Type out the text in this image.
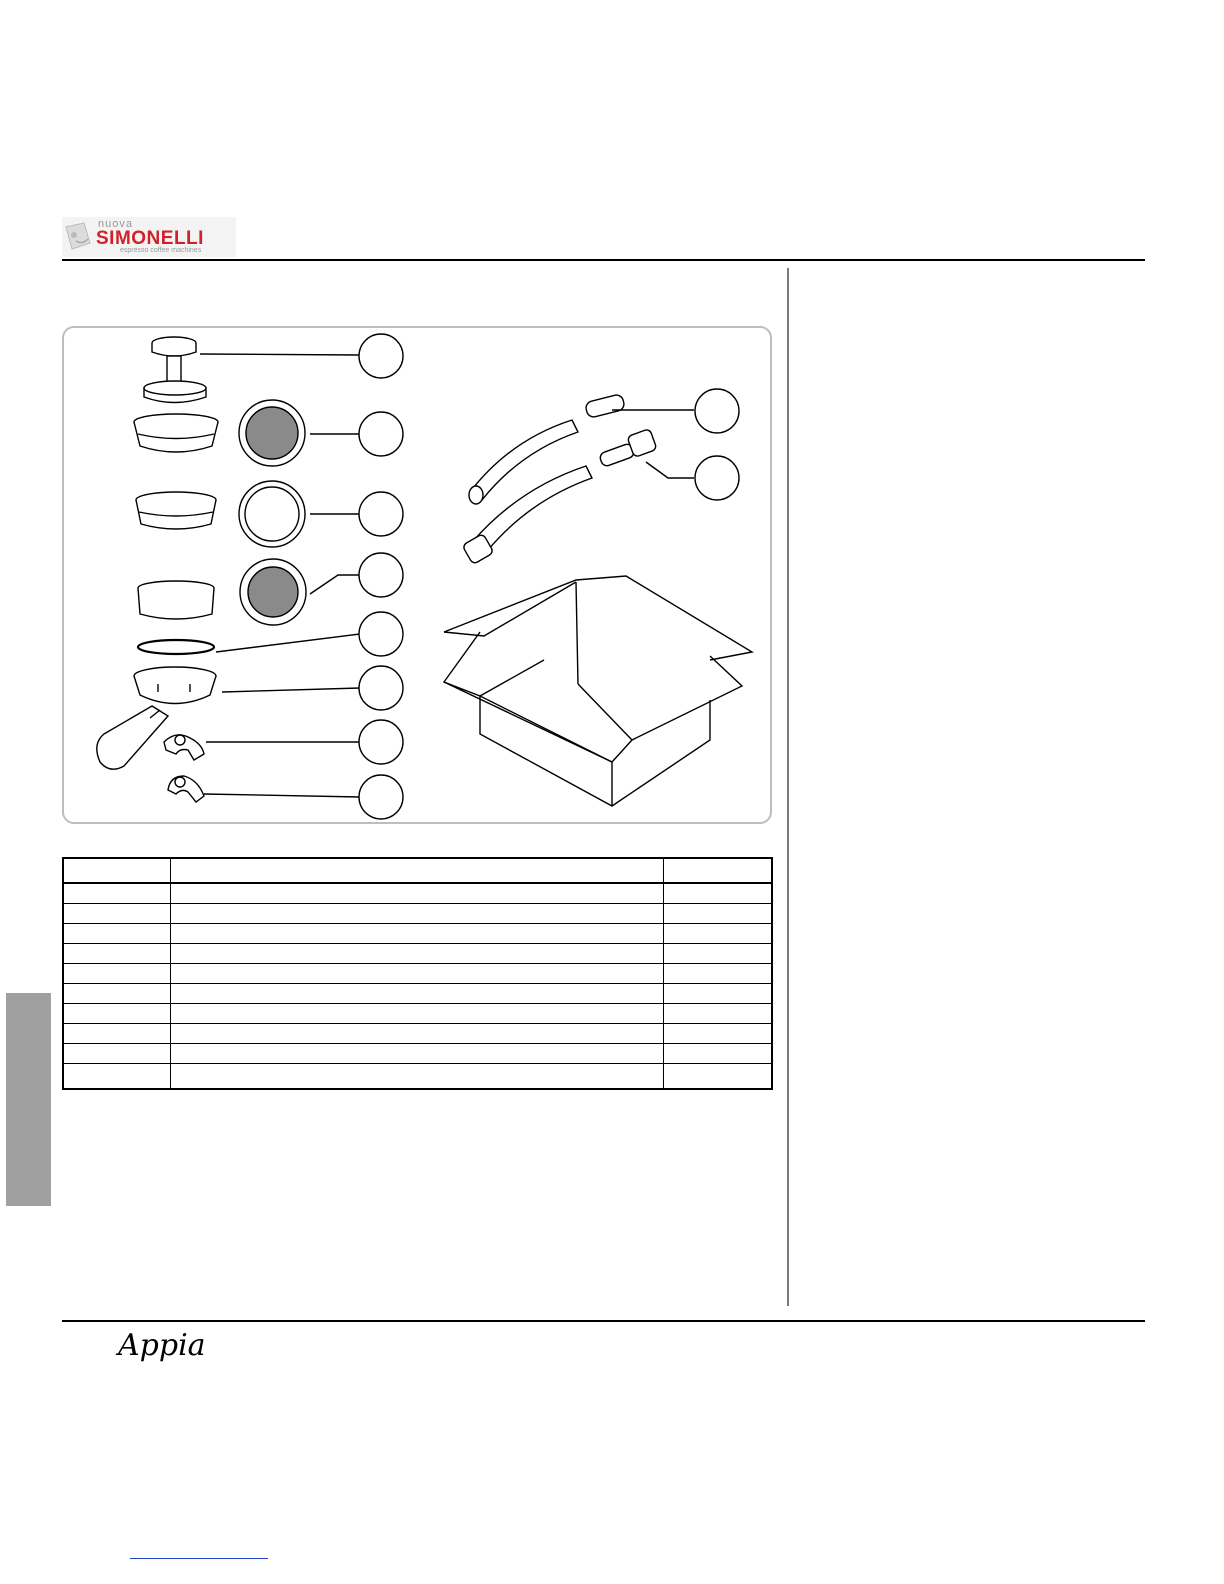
nuova
SIMONELLI
espresso coffee machines

Appia
